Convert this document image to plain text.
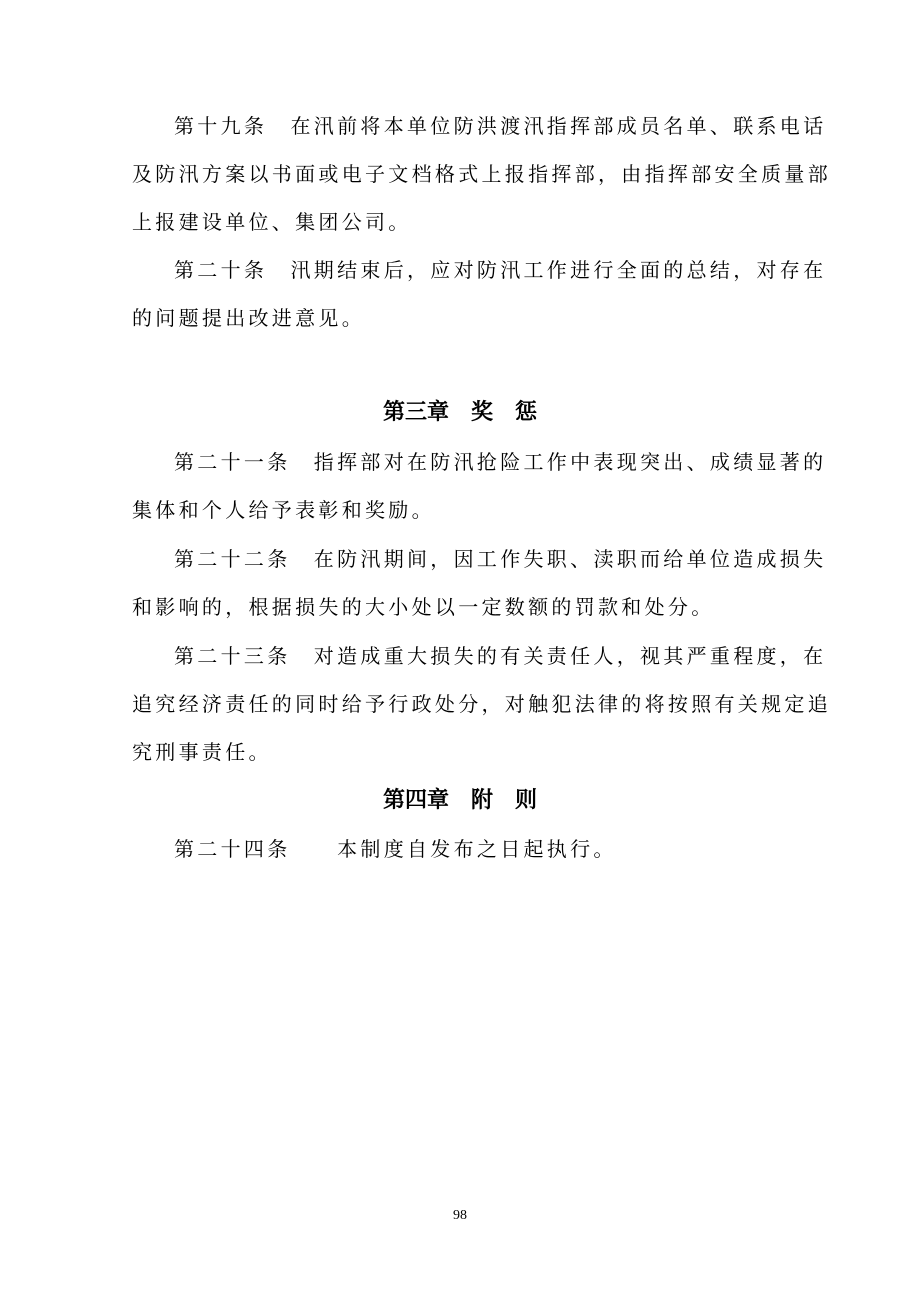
第十九条　在汛前将本单位防洪渡汛指挥部成员名单、联系电话
及防汛方案以书面或电子文档格式上报指挥部，由指挥部安全质量部
上报建设单位、集团公司。
第二十条　汛期结束后，应对防汛工作进行全面的总结，对存在
的问题提出改进意见。
第三章　奖　惩
第二十一条　指挥部对在防汛抢险工作中表现突出、成绩显著的
集体和个人给予表彰和奖励。
第二十二条　在防汛期间，因工作失职、渎职而给单位造成损失
和影响的，根据损失的大小处以一定数额的罚款和处分。
第二十三条　对造成重大损失的有关责任人，视其严重程度，在
追究经济责任的同时给予行政处分，对触犯法律的将按照有关规定追
究刑事责任。
第四章　附　则
第二十四条　　本制度自发布之日起执行。
98
